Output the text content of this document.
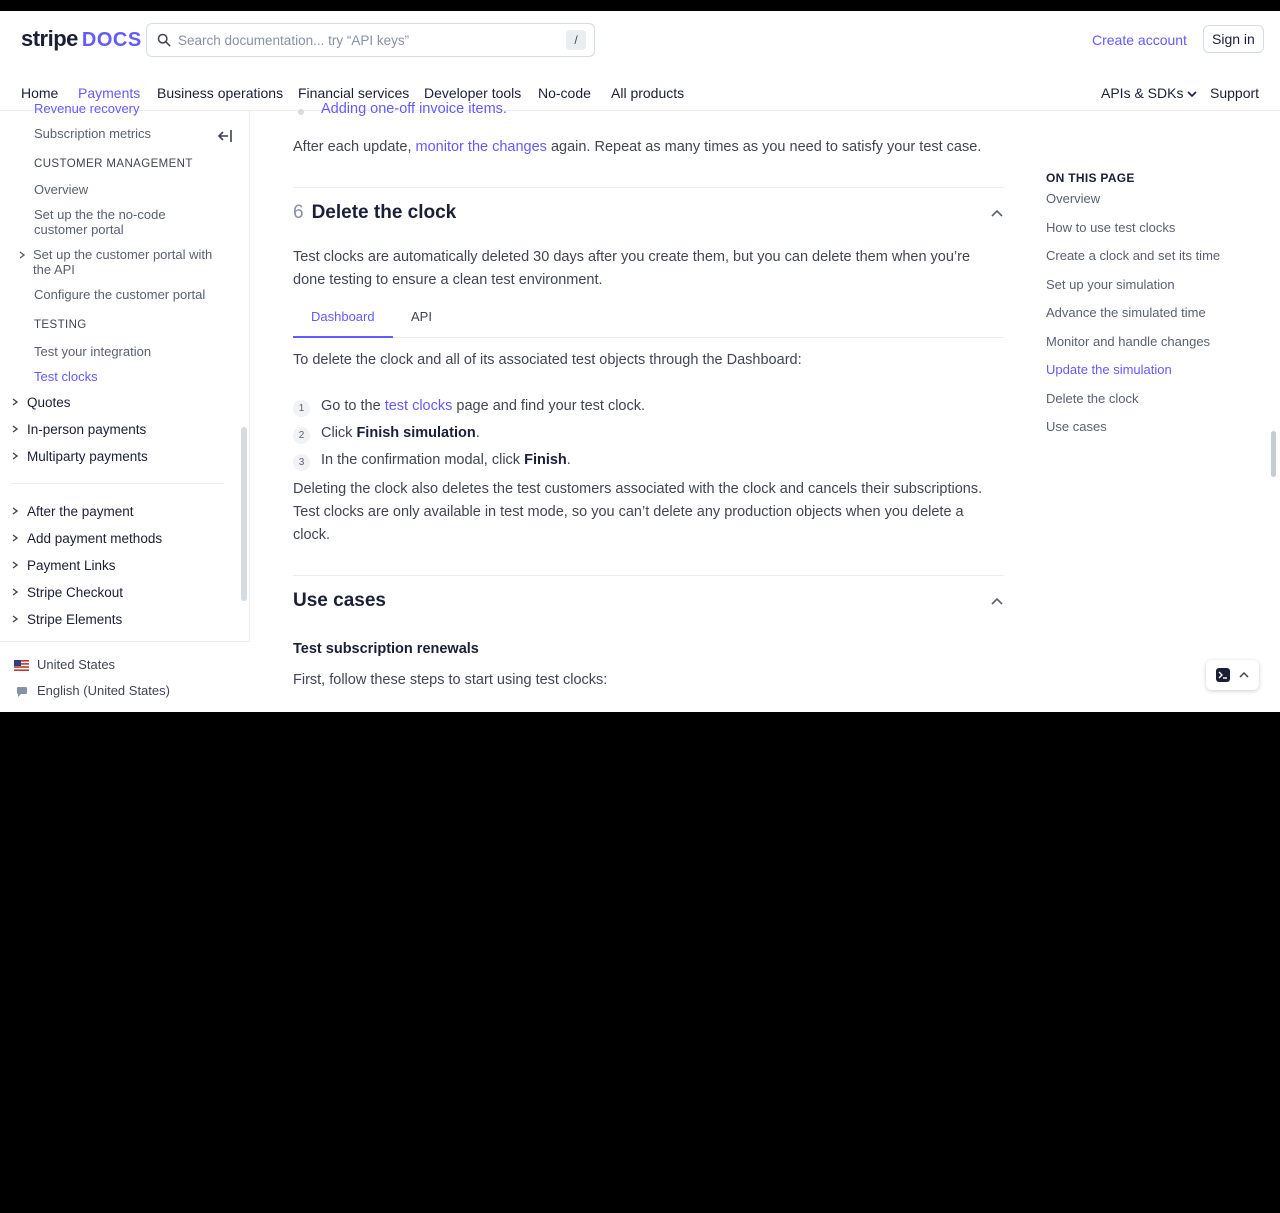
stripe DOCS	Search documentation... try “API keys”	/	Create account	Sign in
Home Payments Business operations Financial services Developer tools No-code All products	APIs & SDKs	Support
Revenue recovery
Subscription metrics
CUSTOMER MANAGEMENT
Overview
Set up the the no-code customer portal
Set up the customer portal with the API
Configure the customer portal
TESTING
Test your integration
Test clocks
Quotes
In-person payments
Multiparty payments
After the payment
Add payment methods
Payment Links
Stripe Checkout
Stripe Elements
United States
English (United States)
Adding one-off invoice items.
After each update, monitor the changes again. Repeat as many times as you need to satisfy your test case.
6 Delete the clock
Test clocks are automatically deleted 30 days after you create them, but you can delete them when you’re
done testing to ensure a clean test environment.
Dashboard	API
To delete the clock and all of its associated test objects through the Dashboard:
1	Go to the test clocks page and find your test clock.
2	Click Finish simulation.
3	In the confirmation modal, click Finish.
Deleting the clock also deletes the test customers associated with the clock and cancels their subscriptions.
Test clocks are only available in test mode, so you can’t delete any production objects when you delete a
clock.
Use cases
Test subscription renewals
First, follow these steps to start using test clocks:
ON THIS PAGE
Overview
How to use test clocks
Create a clock and set its time
Set up your simulation
Advance the simulated time
Monitor and handle changes
Update the simulation
Delete the clock
Use cases
